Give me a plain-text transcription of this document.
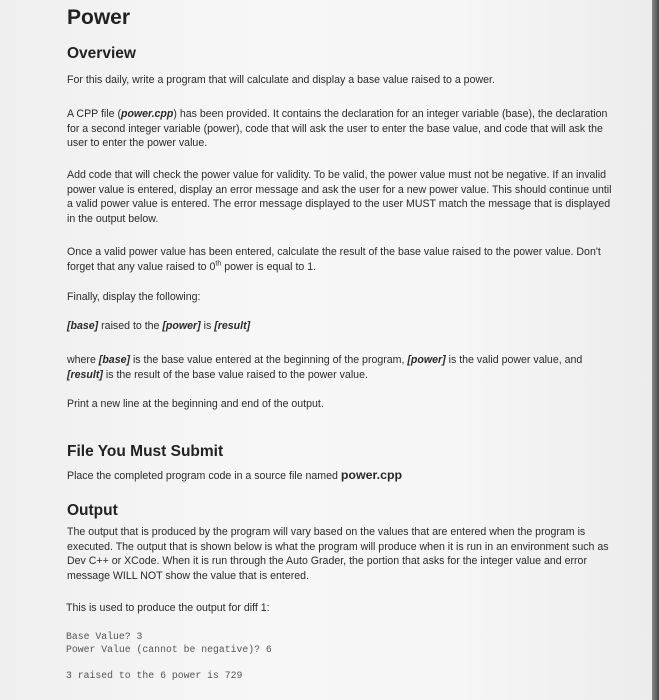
Power
Overview
For this daily, write a program that will calculate and display a base value raised to a power.
A CPP file (power.cpp) has been provided. It contains the declaration for an integer variable (base), the declaration for a second integer variable (power), code that will ask the user to enter the base value, and code that will ask the user to enter the power value.
Add code that will check the power value for validity. To be valid, the power value must not be negative. If an invalid power value is entered, display an error message and ask the user for a new power value. This should continue until a valid power value is entered. The error message displayed to the user MUST match the message that is displayed in the output below.
Once a valid power value has been entered, calculate the result of the base value raised to the power value. Don't forget that any value raised to 0th power is equal to 1.
Finally, display the following:
[base] raised to the [power] is [result]
where [base] is the base value entered at the beginning of the program, [power] is the valid power value, and [result] is the result of the base value raised to the power value.
Print a new line at the beginning and end of the output.
File You Must Submit
Place the completed program code in a source file named power.cpp
Output
The output that is produced by the program will vary based on the values that are entered when the program is executed. The output that is shown below is what the program will produce when it is run in an environment such as Dev C++ or XCode. When it is run through the Auto Grader, the portion that asks for the integer value and error message WILL NOT show the value that is entered.
This is used to produce the output for diff 1:
Base Value? 3
Power Value (cannot be negative)? 6
3 raised to the 6 power is 729
